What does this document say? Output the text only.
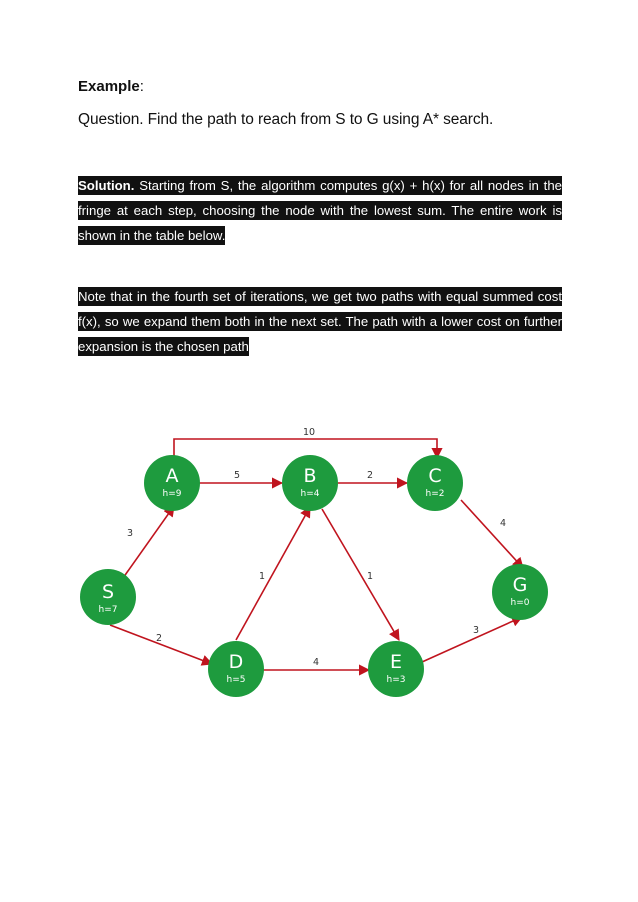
Example:
Question. Find the path to reach from S to G using A* search.
Solution. Starting from S, the algorithm computes g(x) + h(x) for all nodes in the fringe at each step, choosing the node with the lowest sum. The entire work is shown in the table below.
Note that in the fourth set of iterations, we get two paths with equal summed cost f(x), so we expand them both in the next set. The path with a lower cost on further expansion is the chosen path
3
2
5
10
2
1	1
4
4
3
S
h=7
A
h=9
B
h=4
C
h=2
D
h=5
E
h=3
G
h=0
